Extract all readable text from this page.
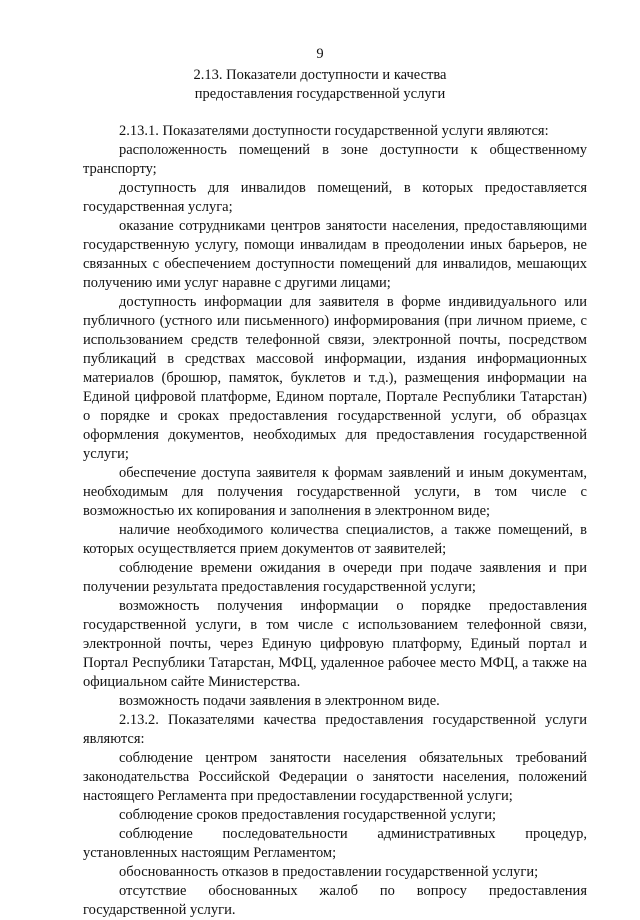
9
2.13. Показатели доступности и качества
предоставления государственной услуги

2.13.1. Показателями доступности государственной услуги являются:

расположенность помещений в зоне доступности к общественному транспорту;

доступность для инвалидов помещений, в которых предоставляется государственная услуга;

оказание сотрудниками центров занятости населения, предоставляющими государственную услугу, помощи инвалидам в преодолении иных барьеров, не связанных с обеспечением доступности помещений для инвалидов, мешающих получению ими услуг наравне с другими лицами;

доступность информации для заявителя в форме индивидуального или публичного (устного или письменного) информирования (при личном приеме, с использованием средств телефонной связи, электронной почты, посредством публикаций в средствах массовой информации, издания информационных материалов (брошюр, памяток, буклетов и т.д.), размещения информации на Единой цифровой платформе, Едином портале, Портале Республики Татарстан) о порядке и сроках предоставления государственной услуги, об образцах оформления документов, необходимых для предоставления государственной услуги;

обеспечение доступа заявителя к формам заявлений и иным документам, необходимым для получения государственной услуги, в том числе с возможностью их копирования и заполнения в электронном виде;

наличие необходимого количества специалистов, а также помещений, в которых осуществляется прием документов от заявителей;

соблюдение времени ожидания в очереди при подаче заявления и при получении результата предоставления государственной услуги;

возможность получения информации о порядке предоставления государственной услуги, в том числе с использованием телефонной связи, электронной почты, через Единую цифровую платформу, Единый портал и Портал Республики Татарстан, МФЦ, удаленное рабочее место МФЦ, а также на официальном сайте Министерства.

возможность подачи заявления в электронном виде.

2.13.2. Показателями качества предоставления государственной услуги являются:

соблюдение центром занятости населения обязательных требований законодательства Российской Федерации о занятости населения, положений настоящего Регламента при предоставлении государственной услуги;

соблюдение сроков предоставления государственной услуги;

соблюдение последовательности административных процедур, установленных настоящим Регламентом;

обоснованность отказов в предоставлении государственной услуги;

отсутствие обоснованных жалоб по вопросу предоставления государственной услуги.
